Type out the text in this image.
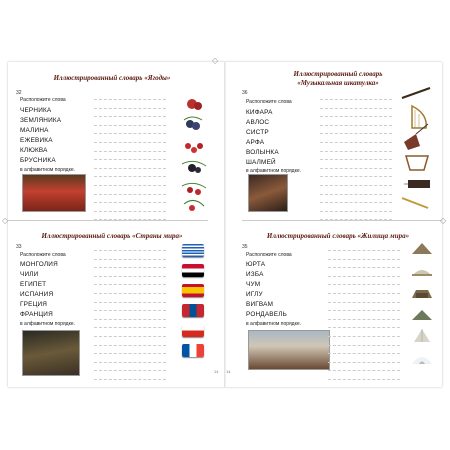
Иллюстрированный словарь «Ягоды»
32
Расположите слова
ЧЕРНИКА
ЗЕМЛЯНИКА
МАЛИНА
ЕЖЕВИКА
КЛЮКВА
БРУСНИКА
в алфавитном порядке.
Иллюстрированный словарь
«Музыкальная шкатулка»
36
Расположите слова
КИФАРА
АВЛОС
СИСТР
АРФА
ВОЛЫНКА
ШАЛМЕЙ
в алфавитном порядке.
Иллюстрированный словарь «Страны мира»
33
Расположите слова
МОНГОЛИЯ
ЧИЛИ
ЕГИПЕТ
ИСПАНИЯ
ГРЕЦИЯ
ФРАНЦИЯ
в алфавитном порядке.
Иллюстрированный словарь «Жилища мира»
35
Расположите слова
ЮРТА
ИЗБА
ЧУМ
ИГЛУ
ВИГВАМ
РОНДАВЕЛЬ
в алфавитном порядке.
◇
◇	◇
14 14
